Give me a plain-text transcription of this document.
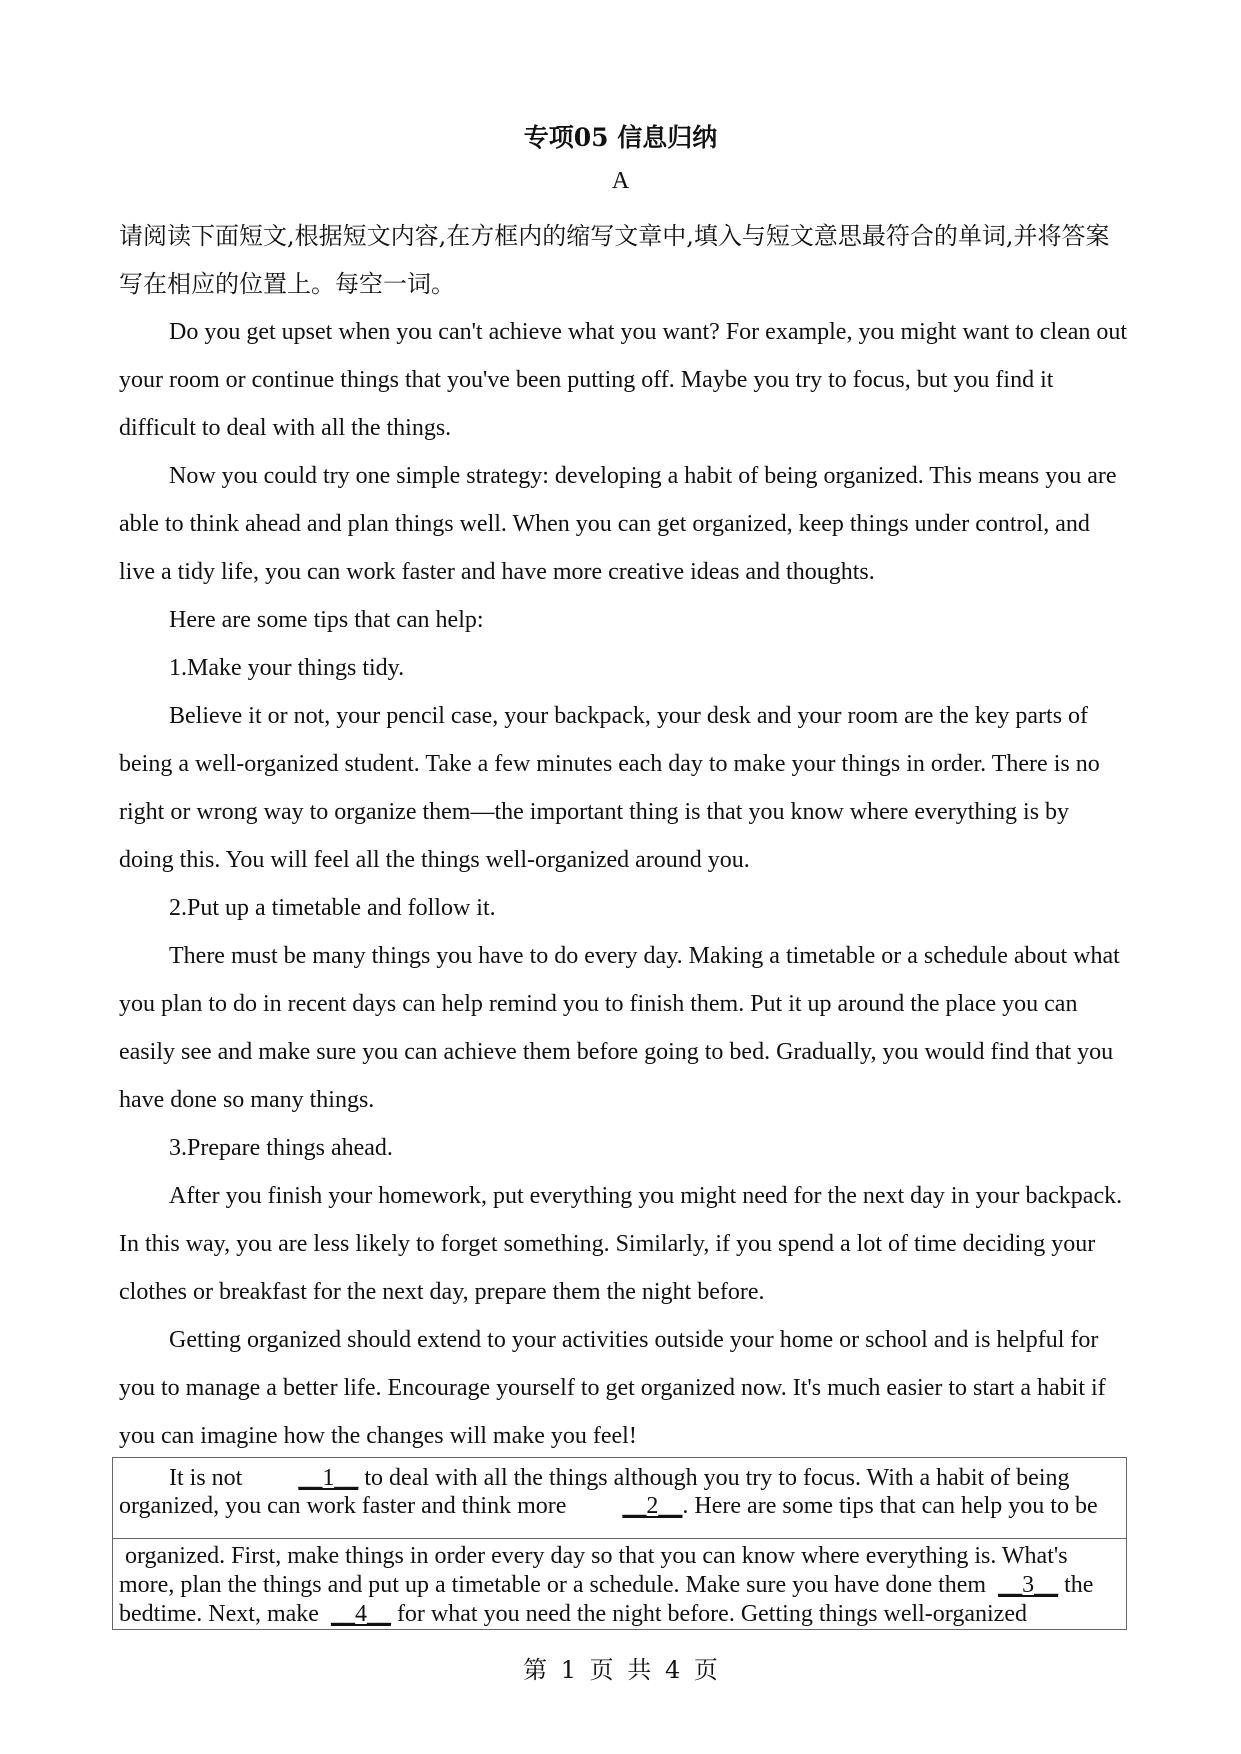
专项05 信息归纳
A
请阅读下面短文,根据短文内容,在方框内的缩写文章中,填入与短文意思最符合的单词,并将答案写在相应的位置上。每空一词。

Do you get upset when you can't achieve what you want? For example, you might want to clean out your room or continue things that you've been putting off. Maybe you try to focus, but you find it difficult to deal with all the things.

Now you could try one simple strategy: developing a habit of being organized. This means you are able to think ahead and plan things well. When you can get organized, keep things under control, and live a tidy life, you can work faster and have more creative ideas and thoughts.

Here are some tips that can help:

1.Make your things tidy.

Believe it or not, your pencil case, your backpack, your desk and your room are the key parts of being a well-organized student. Take a few minutes each day to make your things in order. There is no right or wrong way to organize them—the important thing is that you know where everything is by doing this. You will feel all the things well-organized around you.

2.Put up a timetable and follow it.

There must be many things you have to do every day. Making a timetable or a schedule about what you plan to do in recent days can help remind you to finish them. Put it up around the place you can easily see and make sure you can achieve them before going to bed. Gradually, you would find that you have done so many things.

3.Prepare things ahead.

After you finish your homework, put everything you might need for the next day in your backpack. In this way, you are less likely to forget something. Similarly, if you spend a lot of time deciding your clothes or breakfast for the next day, prepare them the night before.

Getting organized should extend to your activities outside your home or school and is helpful for you to manage a better life. Encourage yourself to get organized now. It's much easier to start a habit if you can imagine how the changes will make you feel!

It is not __1__ to deal with all the things although you try to focus. With a habit of being organized, you can work faster and think more __2__. Here are some tips that can help you to be

organized. First, make things in order every day so that you can know where everything is. What's more, plan the things and put up a timetable or a schedule. Make sure you have done them __3__ the bedtime. Next, make __4__ for what you need the night before. Getting things well-organized

第 1 页 共 4 页
